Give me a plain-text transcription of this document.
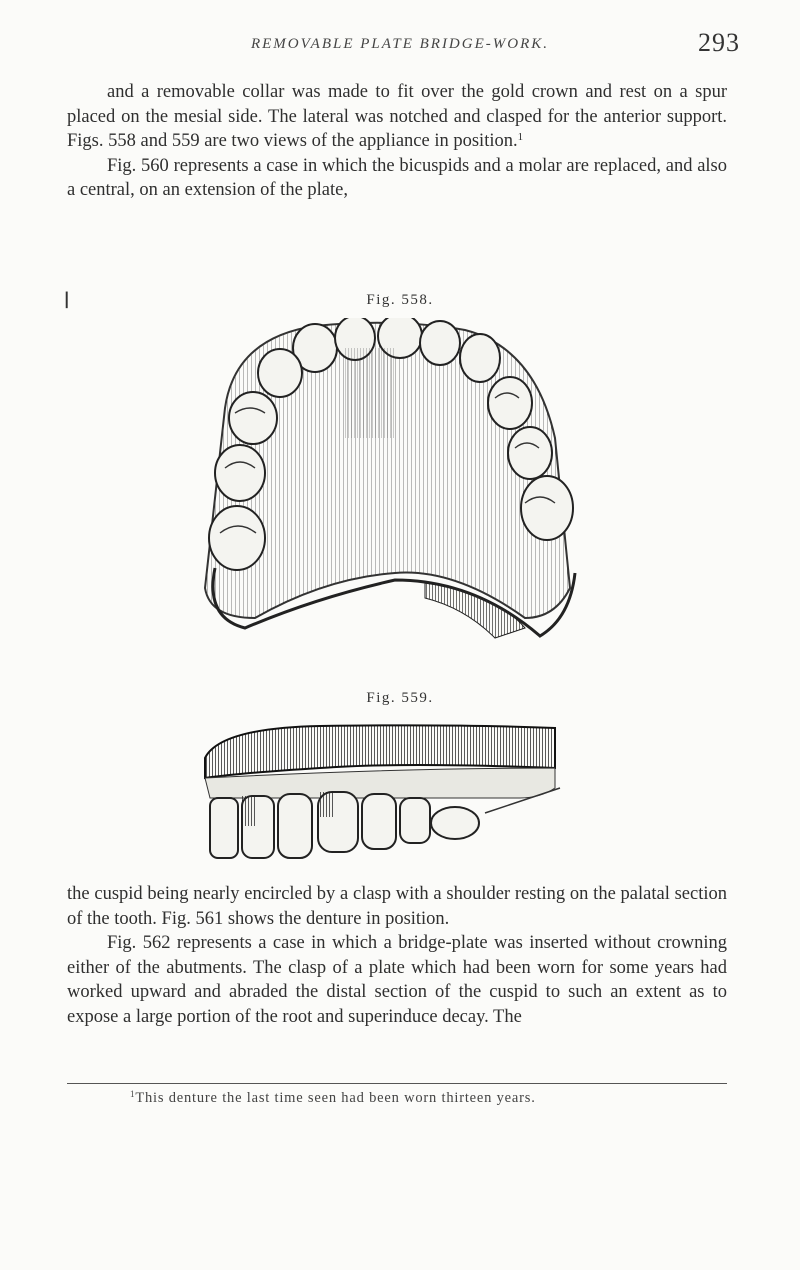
REMOVABLE PLATE BRIDGE-WORK.	293
❘

and a removable collar was made to fit over the gold crown and rest on a spur placed on the mesial side. The lateral was notched and clasped for the anterior support. Figs. 558 and 559 are two views of the appliance in position.$^1$

Fig. 560 represents a case in which the bicuspids and a molar are replaced, and also a central, on an extension of the plate,

Fig. 558.
Fig. 559.

the cuspid being nearly encircled by a clasp with a shoulder resting on the palatal section of the tooth. Fig. 561 shows the denture in position.

Fig. 562 represents a case in which a bridge-plate was inserted without crowning either of the abutments. The clasp of a plate which had been worn for some years had worked upward and abraded the distal section of the cuspid to such an extent as to expose a large portion of the root and superinduce decay. The

$^1$This denture the last time seen had been worn thirteen years.
